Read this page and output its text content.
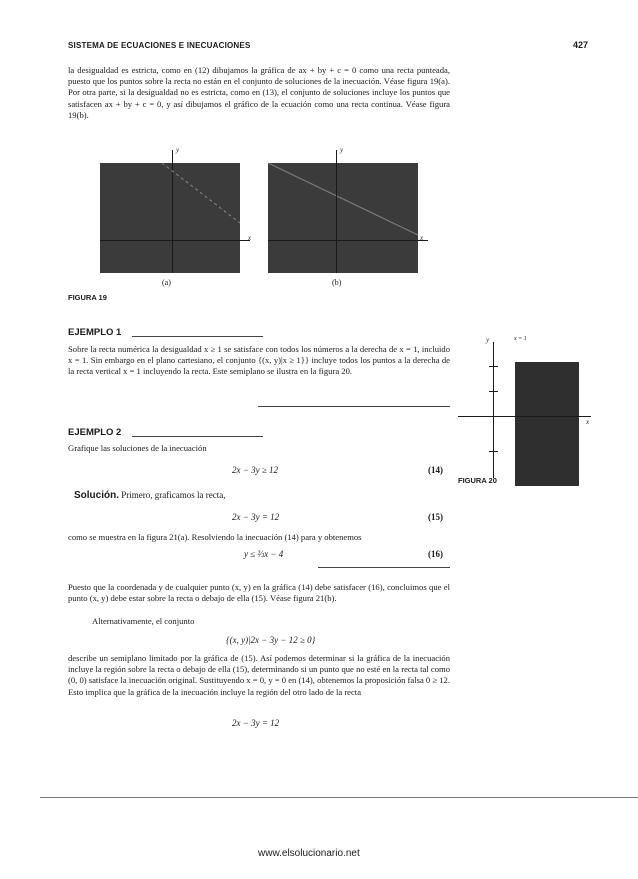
SISTEMA DE ECUACIONES E INECUACIONES	427
la desigualdad es estricta, como en (12) dibujamos la gráfica de ax + by + c = 0 como una recta punteada, puesto que los puntos sobre la recta no están en el conjunto de soluciones de la inecuación. Véase figura 19(a). Por otra parte, si la desigualdad no es estricta, como en (13), el conjunto de soluciones incluye los puntos que satisfacen ax + by + c = 0, y así dibujamos el gráfico de la ecuación como una recta continua. Véase figura 19(b).
y
x
(a)
y
x
(b)
FIGURA 19
EJEMPLO 1
Sobre la recta numérica la desigualdad x ≥ 1 se satisface con todos los números a la derecha de x = 1, incluido x = 1. Sin embargo en el plano cartesiano, el conjunto {(x, y)|x ≥ 1}} incluye todos los puntos a la derecha de la recta vertical x = 1 incluyendo la recta. Este semiplano se ilustra en la figura 20.
y	x = 1
x
FIGURA 20
EJEMPLO 2
Grafique las soluciones de la inecuación
2x − 3y ≥ 12	(14)
Solución. Primero, graficamos la recta,
2x − 3y = 12	(15)
como se muestra en la figura 21(a). Resolviendo la inecuación (14) para y obtenemos
y ≤ ⅔x − 4	(16)
Puesto que la coordenada y de cualquier punto (x, y) en la gráfica (14) debe satisfacer (16), concluimos que el punto (x, y) debe estar sobre la recta o debajo de ella (15). Véase figura 21(b).
Alternativamente, el conjunto
{(x, y)|2x − 3y − 12 ≥ 0}
describe un semiplano limitado por la gráfica de (15). Así podemos determinar si la gráfica de la inecuación incluye la región sobre la recta o debajo de ella (15), determinando si un punto que no esté en la recta tal como (0, 0) satisface la inecuación original. Sustituyendo x = 0, y = 0 en (14), obtenemos la proposición falsa 0 ≥ 12. Esto implica que la gráfica de la inecuación incluye la región del otro lado de la recta
2x − 3y = 12
www.elsolucionario.net
